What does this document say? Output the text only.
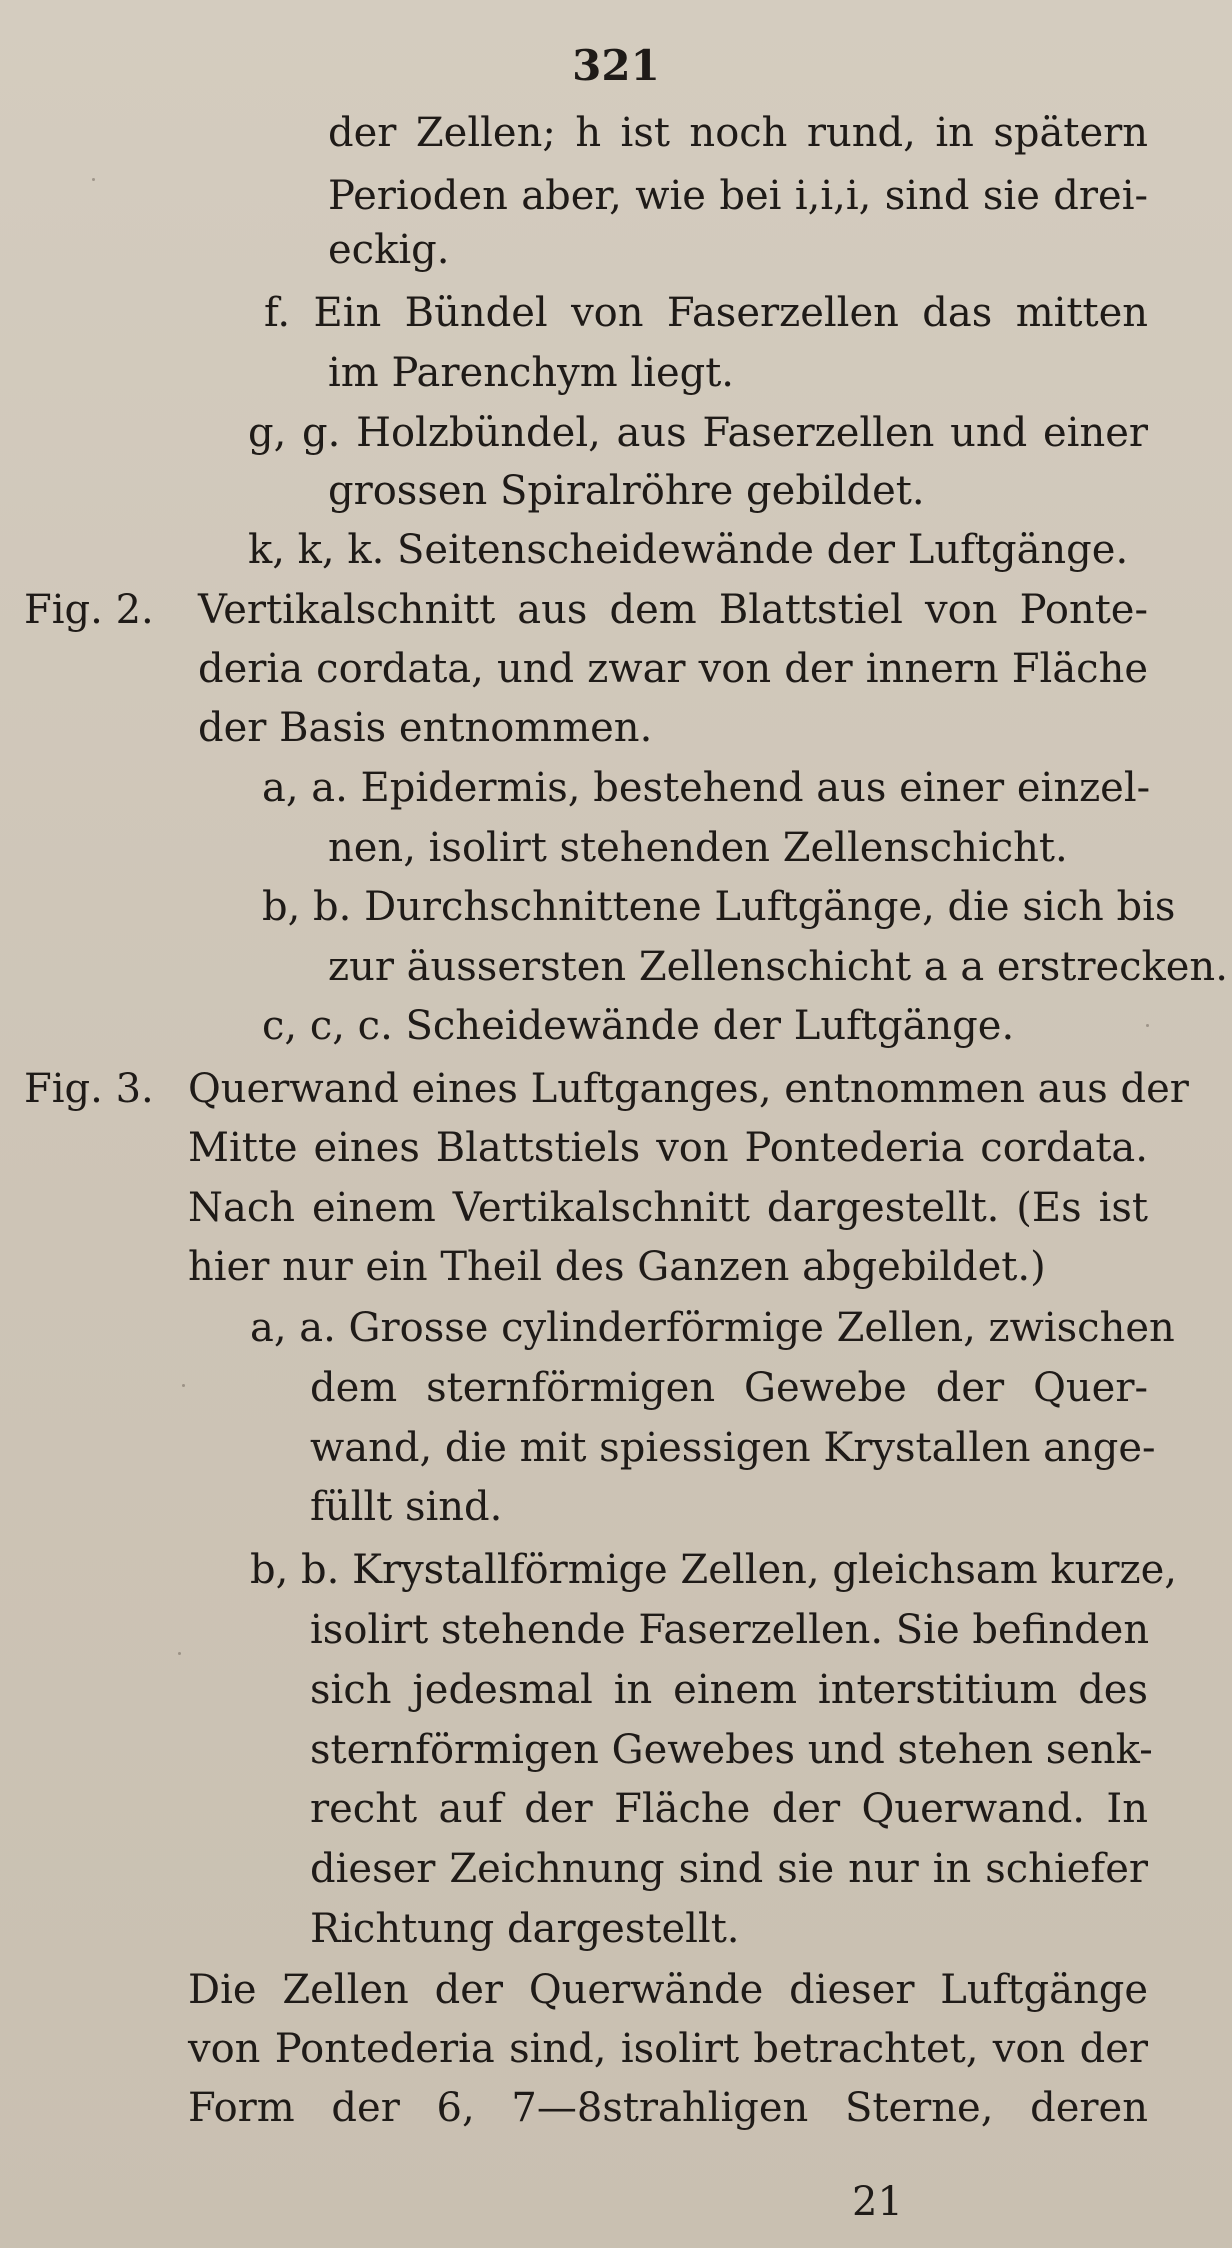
321
der Zellen; h ist noch rund, in spätern
Perioden aber, wie bei i,i,i, sind sie drei-
eckig.
f. Ein Bündel von Faserzellen das mitten
im Parenchym liegt.
g, g. Holzbündel, aus Faserzellen und einer
grossen Spiralröhre gebildet.
k, k, k. Seitenscheidewände der Luftgänge.
Vertikalschnitt aus dem Blattstiel von Ponte-
deria cordata, und zwar von der innern Fläche
der Basis entnommen.
a, a. Epidermis, bestehend aus einer einzel-
nen, isolirt stehenden Zellenschicht.
b, b. Durchschnittene Luftgänge, die sich bis
zur äussersten Zellenschicht a a erstrecken.
c, c, c. Scheidewände der Luftgänge.
Querwand eines Luftganges, entnommen aus der
Mitte eines Blattstiels von Pontederia cordata.
Nach einem Vertikalschnitt dargestellt. (Es ist
hier nur ein Theil des Ganzen abgebildet.)
a, a. Grosse cylinderförmige Zellen, zwischen
dem sternförmigen Gewebe der Quer-
wand, die mit spiessigen Krystallen ange-
füllt sind.
b, b. Krystallförmige Zellen, gleichsam kurze,
isolirt stehende Faserzellen. Sie befinden
sich jedesmal in einem interstitium des
sternförmigen Gewebes und stehen senk-
recht auf der Fläche der Querwand. In
dieser Zeichnung sind sie nur in schiefer
Richtung dargestellt.
Die Zellen der Querwände dieser Luftgänge
von Pontederia sind, isolirt betrachtet, von der
Form der 6, 7—8strahligen Sterne, deren
Fig. 2.
Fig. 3.
21
